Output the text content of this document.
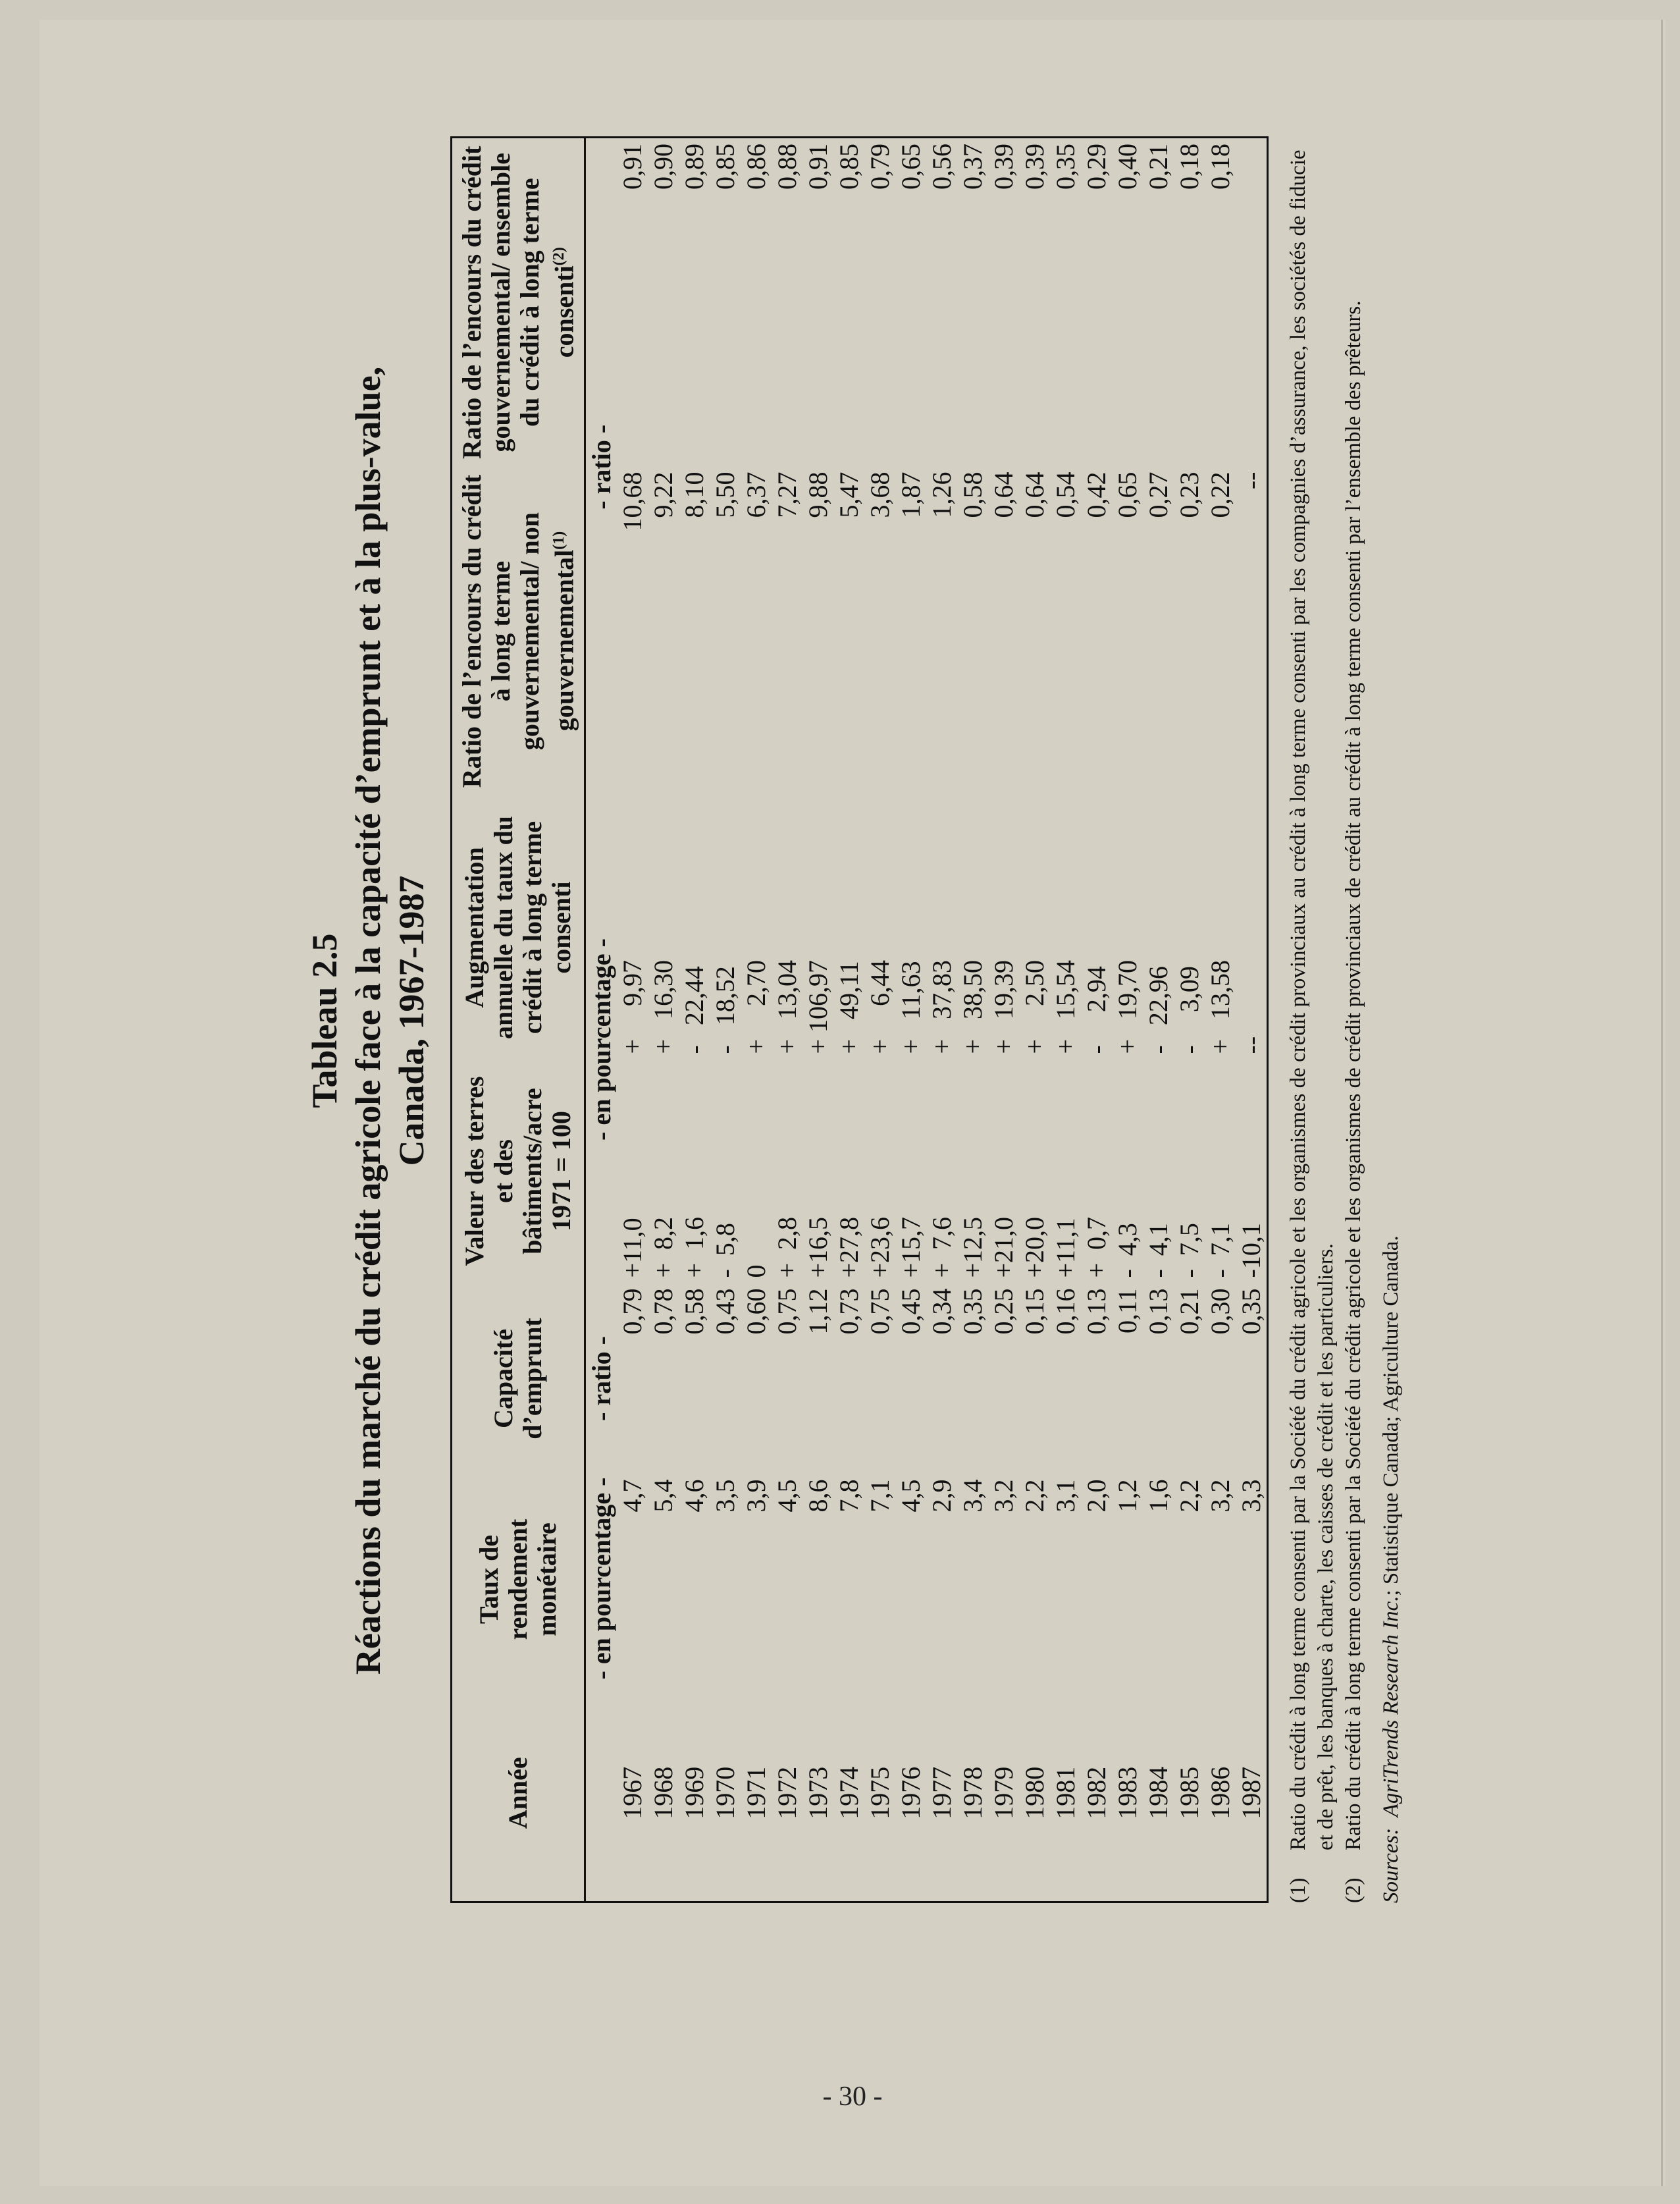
Tableau 2.5 Réactions du marché du crédit agricole face à la capacité d’emprunt et à la plus-value, Canada, 1967-1987
Année	Taux de rendement monétaire	Capacité d’emprunt	Valeur des terres et des bâtiments/acre 1971 = 100	Augmentation annuelle du taux du crédit à long terme consenti	Ratio de l’encours du crédit à long terme gouvernemental/ non gouvernemental$^{(1)}$	Ratio de l’encours du crédit gouvernemental/ ensemble du crédit à long terme consenti$^{(2)}$
	- en pourcentage -	- ratio -	- en pourcentage -		- ratio -	
1967	4,7	0,79	+11,0	+     9,97	10,68	0,91
1968	5,4	0,78	+  8,2	+   16,30	9,22	0,90
1969	4,6	0,58	+  1,6	-   22,44	8,10	0,89
1970	3,5	0,43	-  5,8	-   18,52	5,50	0,85
1971	3,9	0,60	0	+     2,70	6,37	0,86
1972	4,5	0,75	+  2,8	+   13,04	7,27	0,88
1973	8,6	1,12	+16,5	+ 106,97	9,88	0,91
1974	7,8	0,73	+27,8	+   49,11	5,47	0,85
1975	7,1	0,75	+23,6	+     6,44	3,68	0,79
1976	4,5	0,45	+15,7	+   11,63	1,87	0,65
1977	2,9	0,34	+  7,6	+   37,83	1,26	0,56
1978	3,4	0,35	+12,5	+   38,50	0,58	0,37
1979	3,2	0,25	+21,0	+   19,39	0,64	0,39
1980	2,2	0,15	+20,0	+     2,50	0,64	0,39
1981	3,1	0,16	+11,1	+   15,54	0,54	0,35
1982	2,0	0,13	+  0,7	-     2,94	0,42	0,29
1983	1,2	0,11	-  4,3	+   19,70	0,65	0,40
1984	1,6	0,13	-  4,1	-   22,96	0,27	0,21
1985	2,2	0,21	-  7,5	-     3,09	0,23	0,18
1986	3,2	0,30	-  7,1	+   13,58	0,22	0,18
1987	3,3	0,35	-10,1	--	--	
(1)
Ratio du crédit à long terme consenti par la Société du crédit agricole et les organismes de crédit provinciaux au crédit à long terme consenti par les compagnies d’assurance, les sociétés de fiducie et de prêt, les banques à charte, les caisses de crédit et les particuliers.
(2)
Ratio du crédit à long terme consenti par la Société du crédit agricole et les organismes de crédit provinciaux de crédit au crédit à long terme consenti par l’ensemble des prêteurs.
Sources:  AgriTrends Research Inc.; Statistique Canada; Agriculture Canada.
- 30 -
